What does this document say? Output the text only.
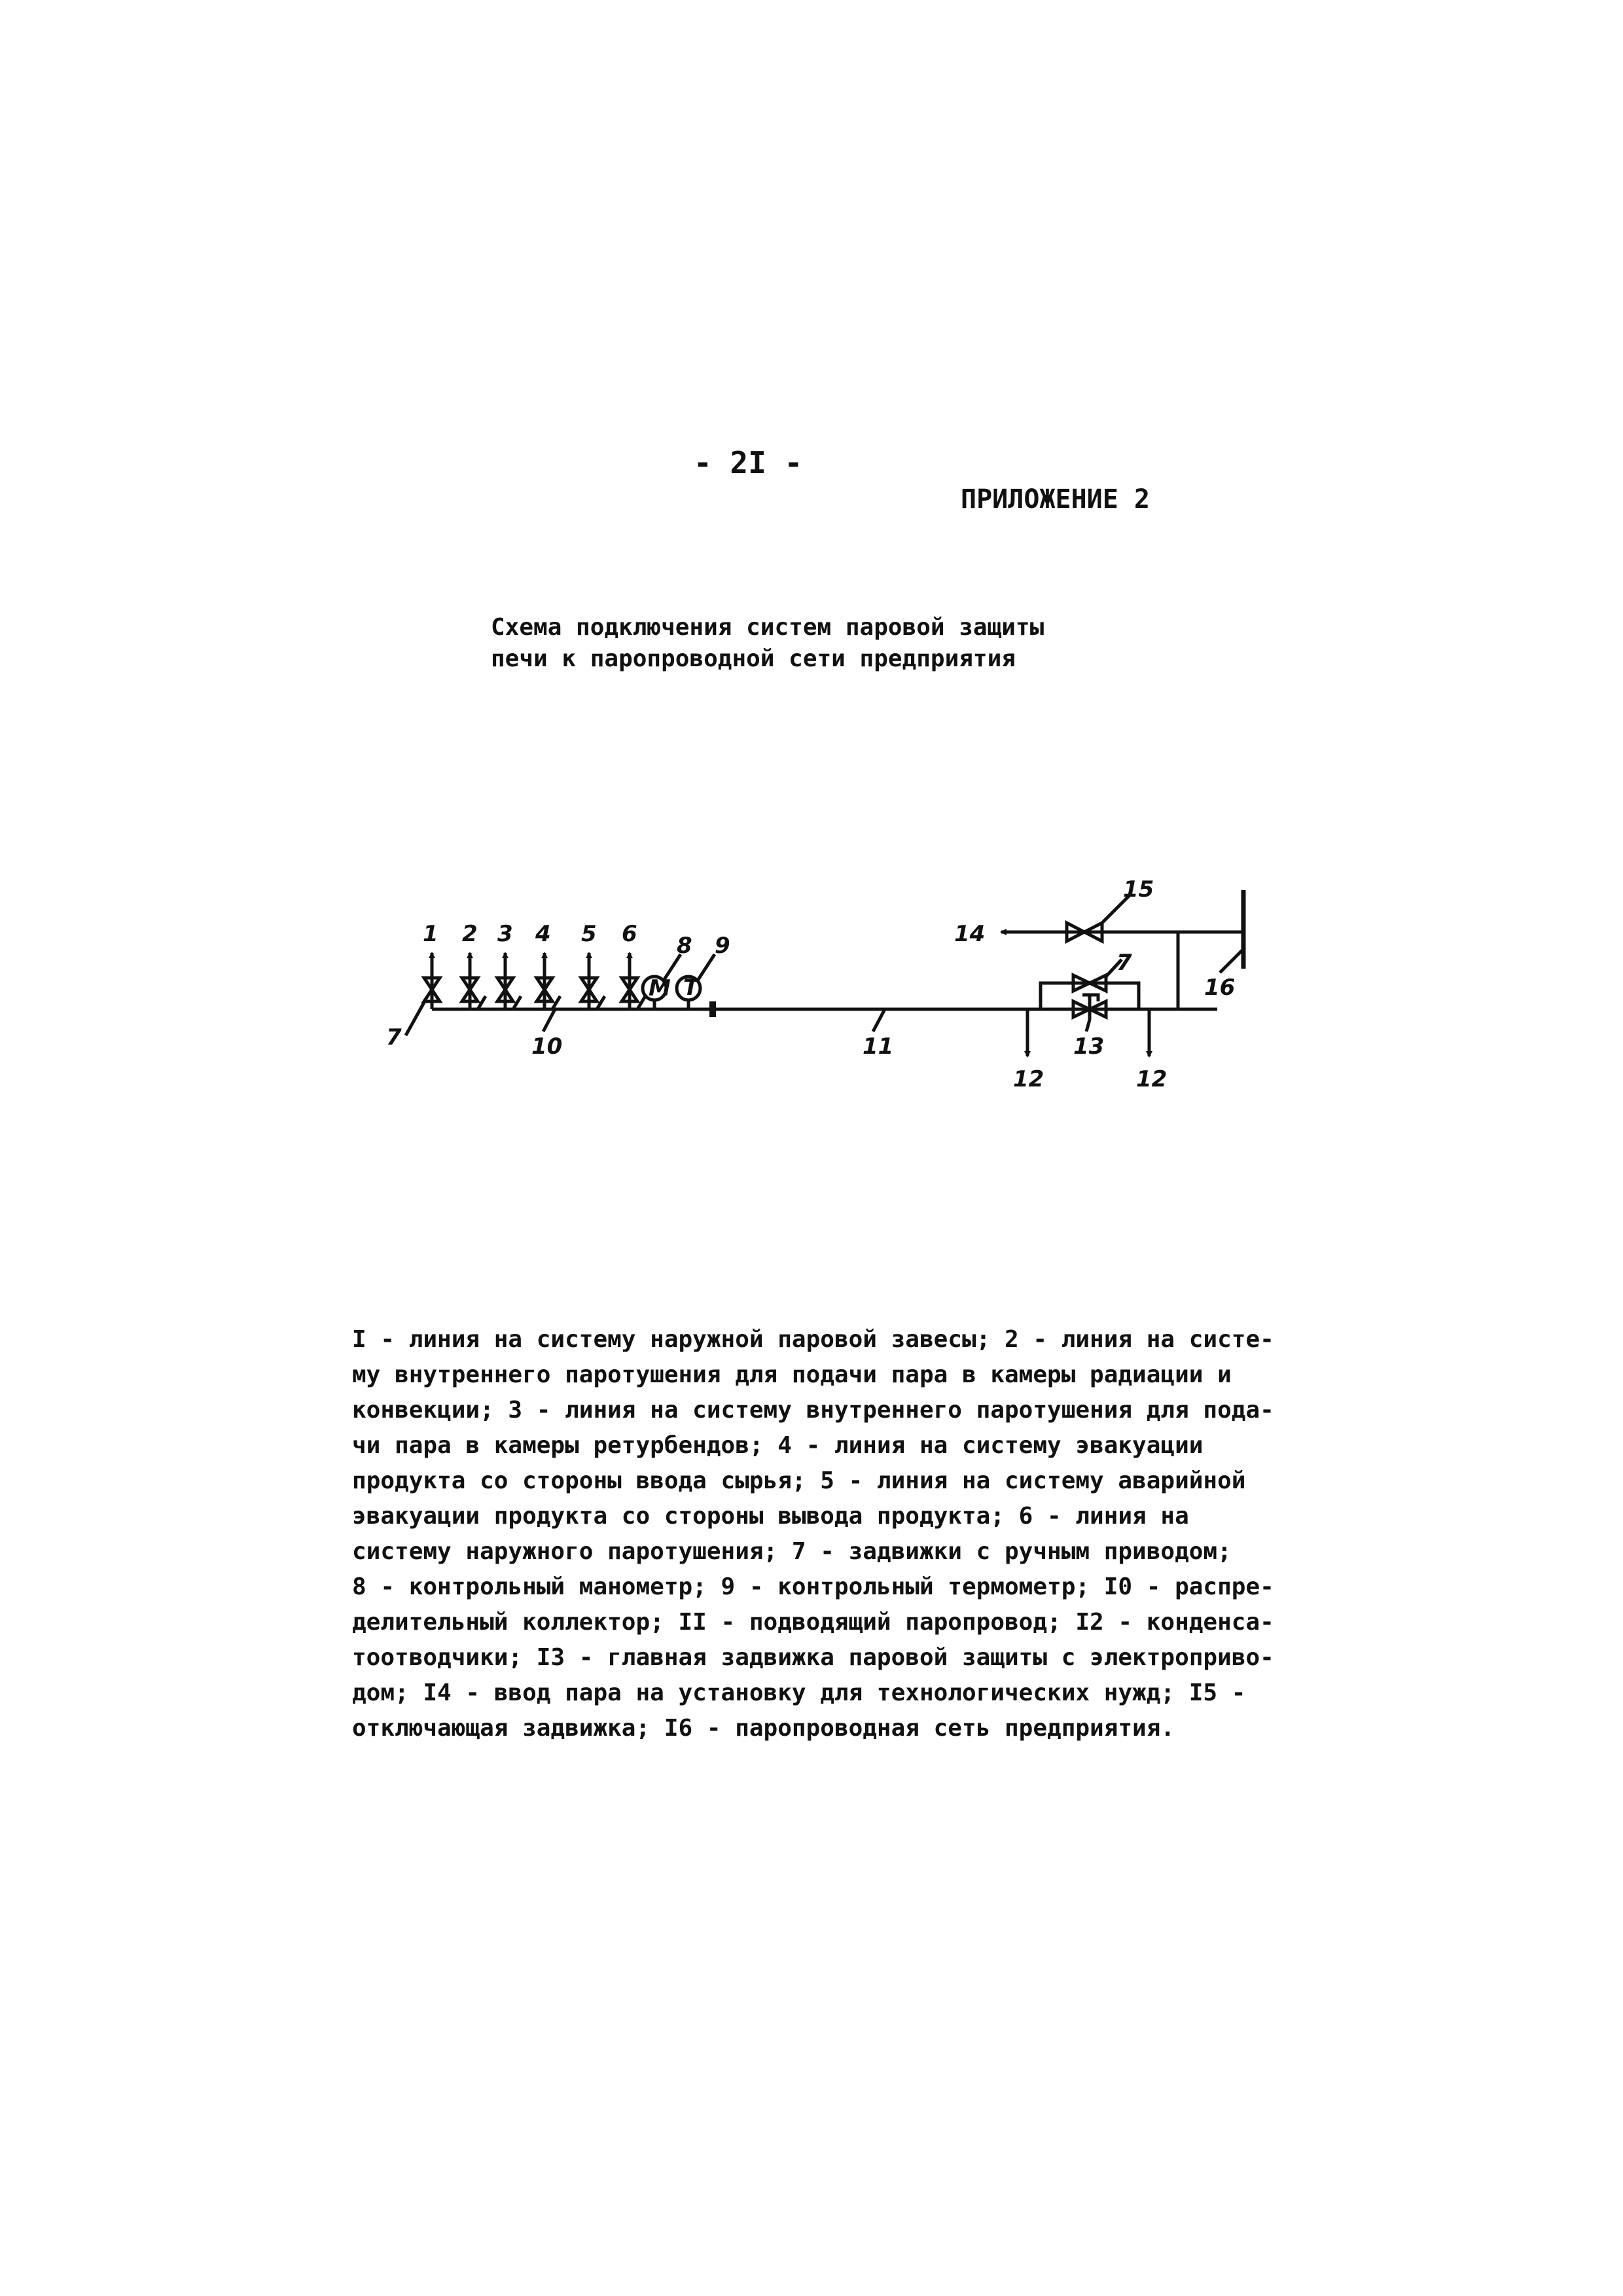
- 2I -
ПРИЛОЖЕНИЕ 2
Схема подключения систем паровой защиты
печи к паропроводной сети предприятия
М Т
1 2 3 4 5 6
7
8 9
10	11
12	12
13
14
15
16
7
I - линия на систему наружной паровой завесы; 2 - линия на систе-
му внутреннего паротушения для подачи пара в камеры радиации и
конвекции; 3 - линия на систему внутреннего паротушения для пода-
чи пара в камеры ретурбендов; 4 - линия на систему эвакуации
продукта со стороны ввода сырья; 5 - линия на систему аварийной
эвакуации продукта со стороны вывода продукта; 6 - линия на
систему наружного паротушения; 7 - задвижки с ручным приводом;
8 - контрольный манометр; 9 - контрольный термометр; I0 - распре-
делительный коллектор; II - подводящий паропровод; I2 - конденса-
тоотводчики; I3 - главная задвижка паровой защиты с электроприво-
дом; I4 - ввод пара на установку для технологических нужд; I5 -
отключающая задвижка; I6 - паропроводная сеть предприятия.
